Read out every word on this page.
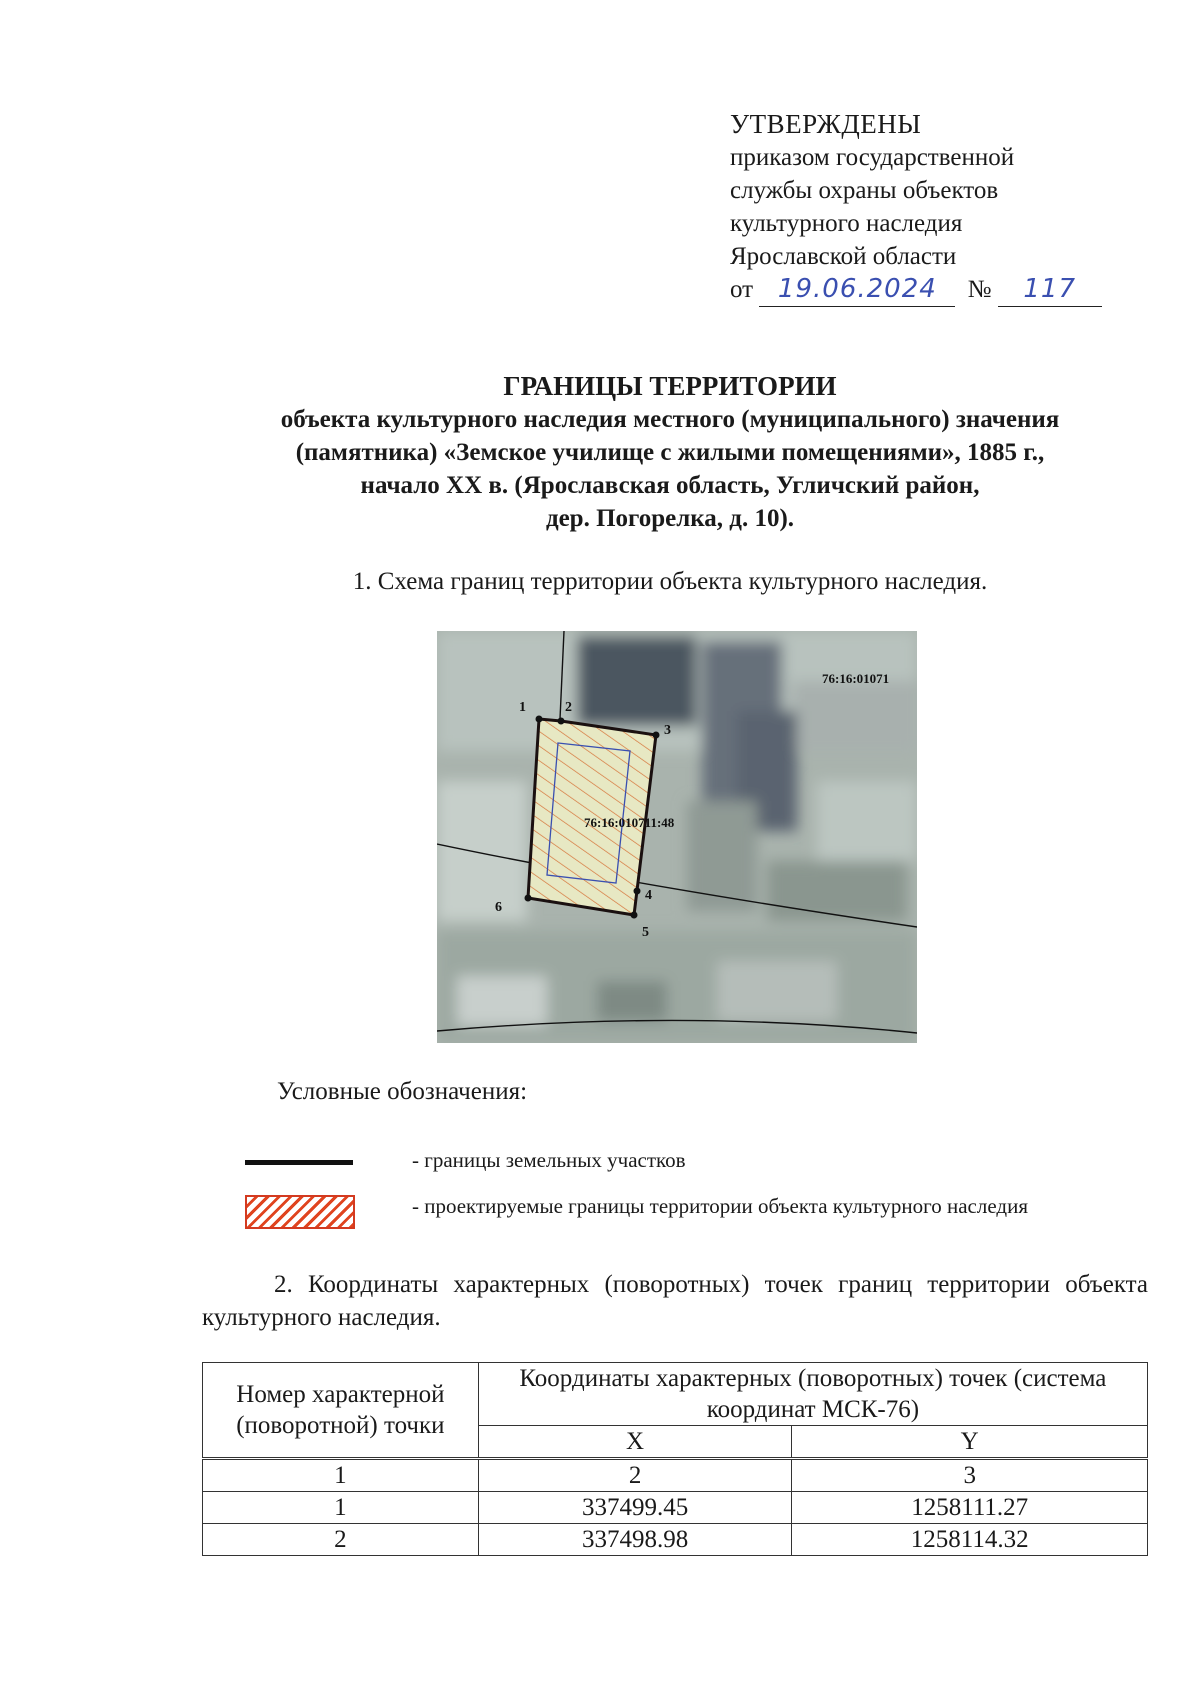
УТВЕРЖДЕНЫ
приказом государственной
службы охраны объектов
культурного наследия
Ярославской области
от 19.06.2024 № 117
ГРАНИЦЫ ТЕРРИТОРИИ
объекта культурного наследия местного (муниципального) значения
(памятника) «Земское училище с жилыми помещениями», 1885 г.,
начало XX в. (Ярославская область, Угличский район,
дер. Погорелка, д. 10).
1. Схема границ территории объекта культурного наследия.
1	2
3
4
5
6
76:16:010711:48
76:16:01071
Условные обозначения:
- границы земельных участков
- проектируемые границы территории объекта культурного наследия
2. Координаты характерных (поворотных) точек границ территории объекта культурного наследия.
Номер характерной (поворотной) точки	Координаты характерных (поворотных) точек (система координат МСК-76)	
	X	Y
1	2	3
1	337499.45	1258111.27
2	337498.98	1258114.32
